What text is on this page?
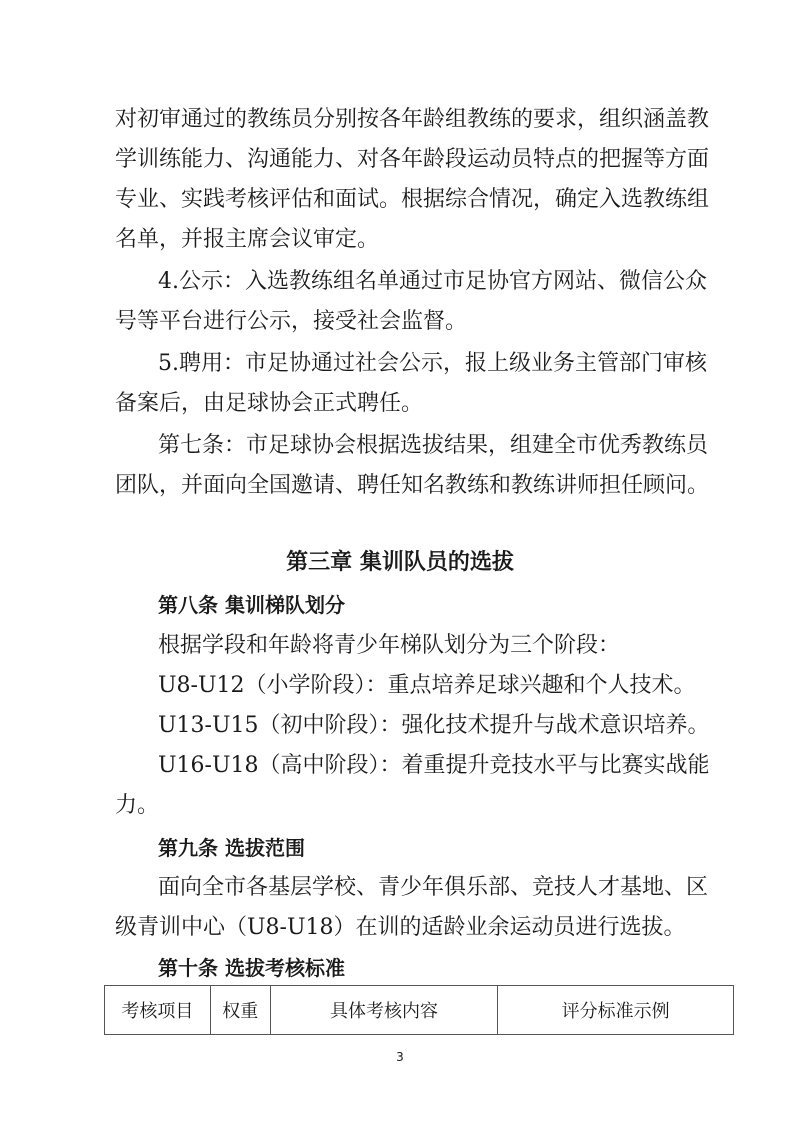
对初审通过的教练员分别按各年龄组教练的要求，组织涵盖教
学训练能力、沟通能力、对各年龄段运动员特点的把握等方面
专业、实践考核评估和面试。根据综合情况，确定入选教练组
名单，并报主席会议审定。
4.公示：入选教练组名单通过市足协官方网站、微信公众
号等平台进行公示，接受社会监督。
5.聘用：市足协通过社会公示，报上级业务主管部门审核
备案后，由足球协会正式聘任。
第七条：市足球协会根据选拔结果，组建全市优秀教练员
团队，并面向全国邀请、聘任知名教练和教练讲师担任顾问。
第三章 集训队员的选拔
第八条 集训梯队划分
根据学段和年龄将青少年梯队划分为三个阶段：
U8-U12（小学阶段）：重点培养足球兴趣和个人技术。
U13-U15（初中阶段）：强化技术提升与战术意识培养。
U16-U18（高中阶段）：着重提升竞技水平与比赛实战能
力。
第九条 选拔范围
面向全市各基层学校、青少年俱乐部、竞技人才基地、区
级青训中心（U8-U18）在训的适龄业余运动员进行选拔。
第十条 选拔考核标准
考核项目	权重	具体考核内容	评分标准示例
3
